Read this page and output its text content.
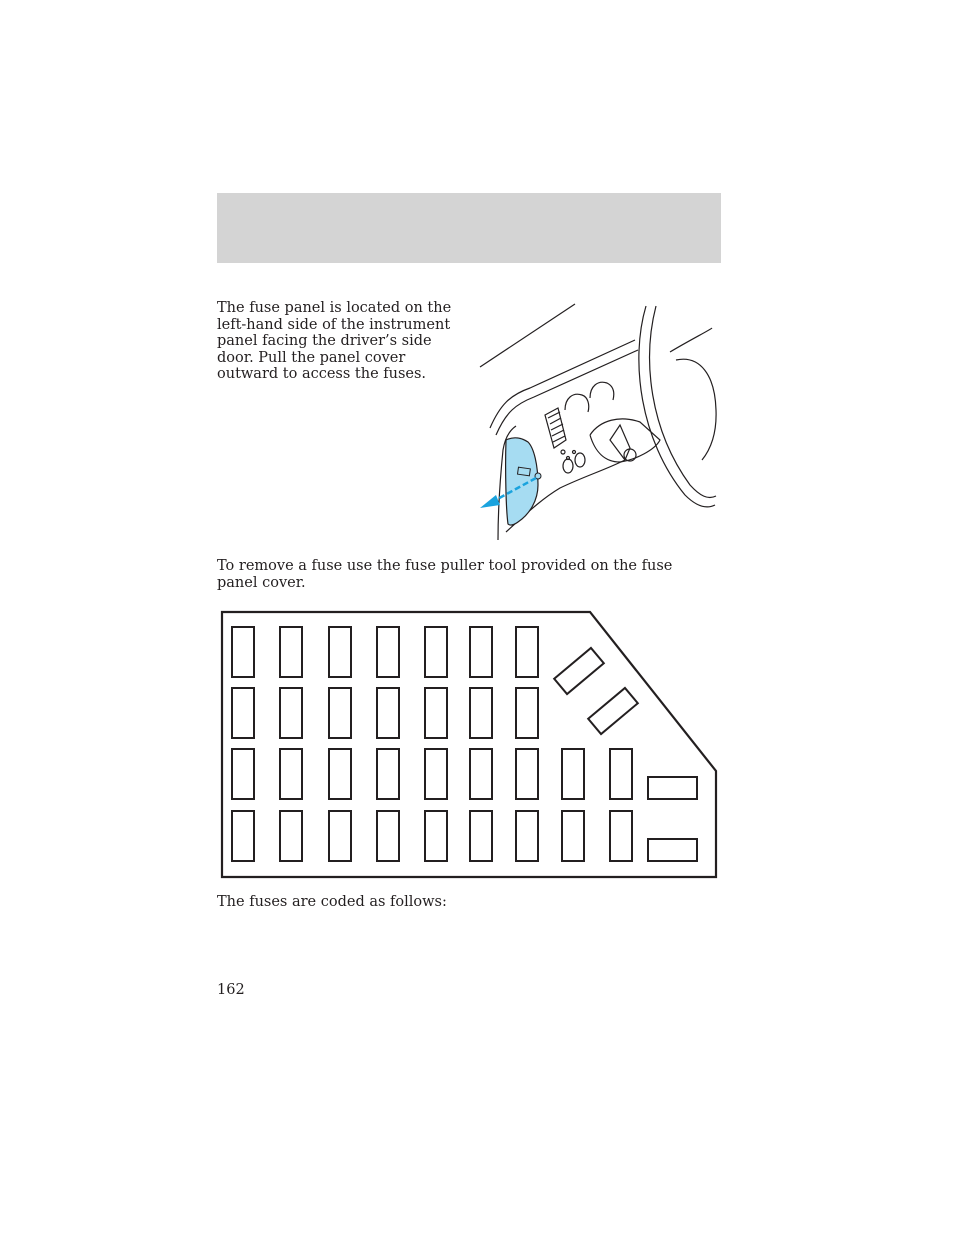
The fuse panel is located on the left-hand side of the instrument panel facing the driver’s side door. Pull the panel cover outward to access the fuses.

To remove a fuse use the fuse puller tool provided on the fuse panel cover.

The fuses are coded as follows:

162
